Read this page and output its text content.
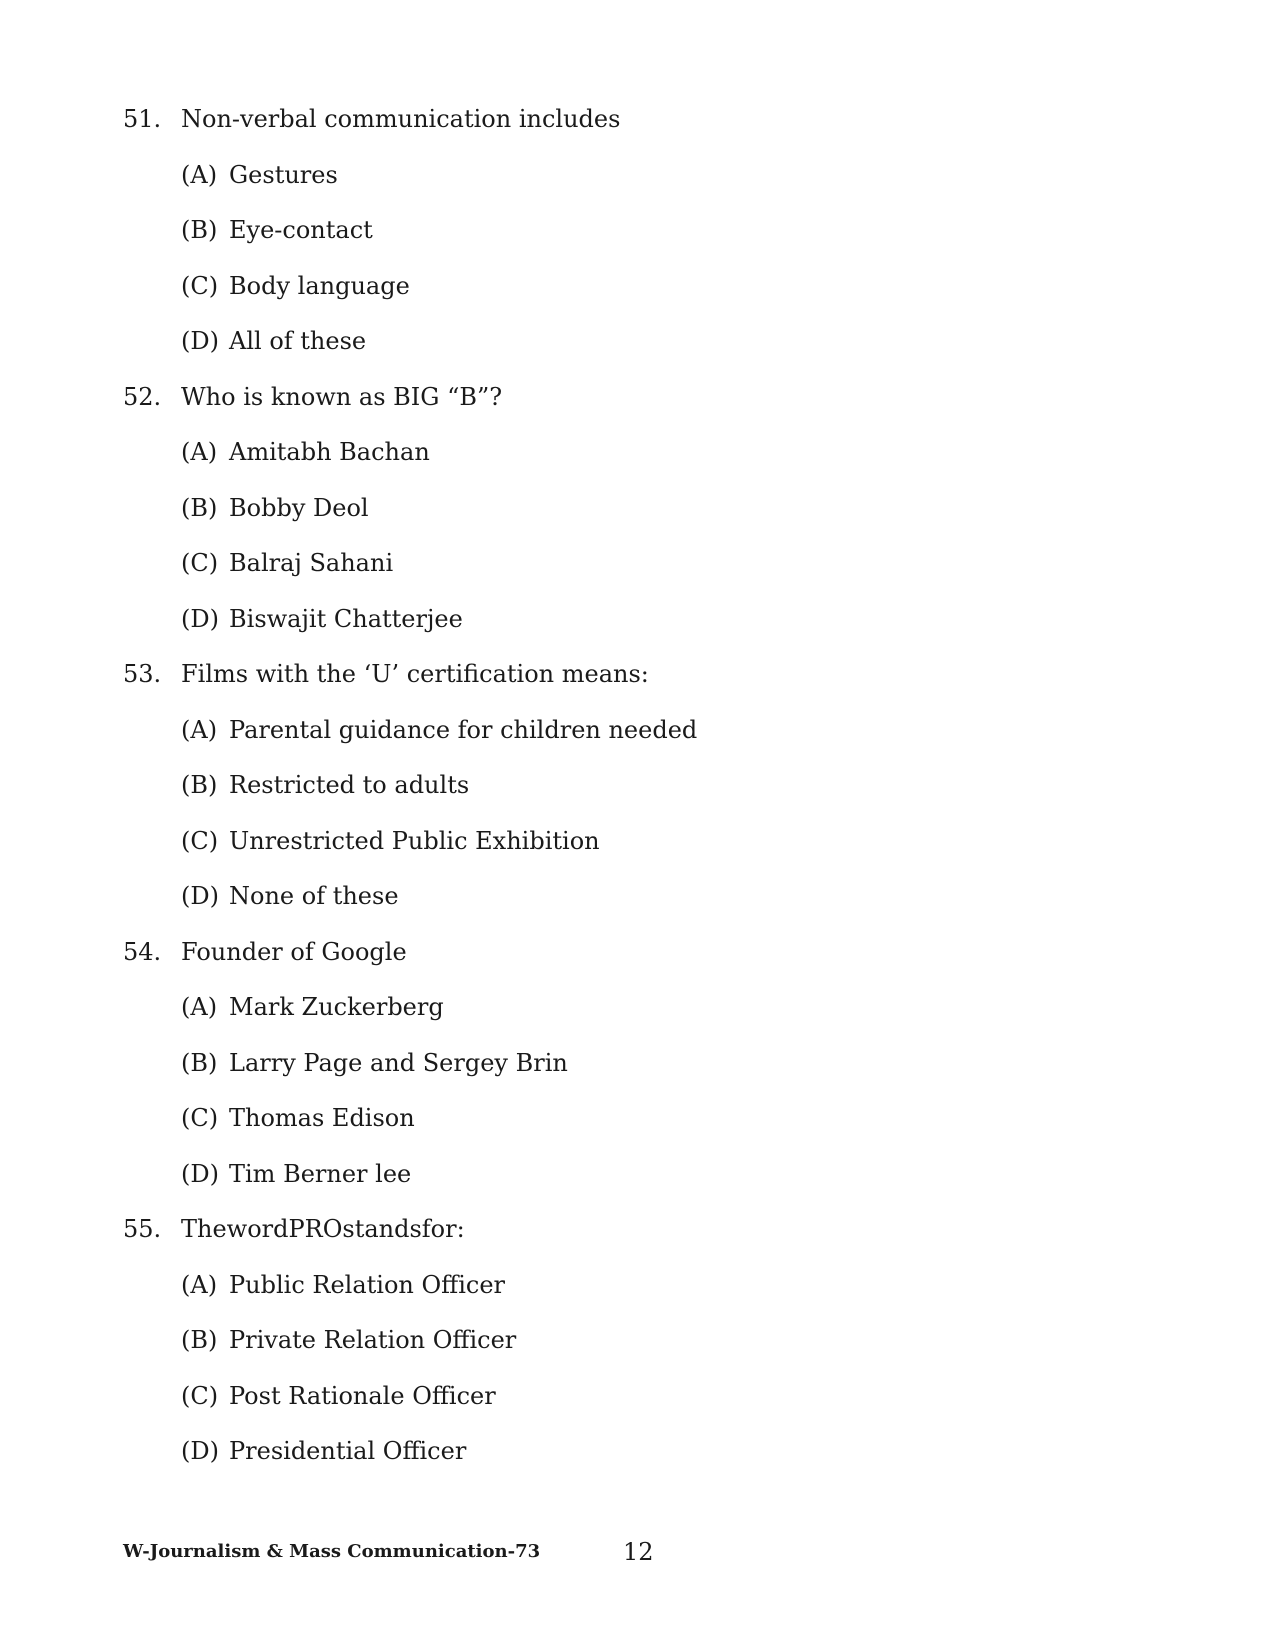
51. Non-verbal communication includes
(A) Gestures
(B) Eye-contact
(C) Body language
(D) All of these
52. Who is known as BIG “B”?
(A) Amitabh Bachan
(B) Bobby Deol
(C) Balraj Sahani
(D) Biswajit Chatterjee
53. Films with the ‘U’ certification means:
(A) Parental guidance for children needed
(B) Restricted to adults
(C) Unrestricted Public Exhibition
(D) None of these
54. Founder of Google
(A) Mark Zuckerberg
(B) Larry Page and Sergey Brin
(C) Thomas Edison
(D) Tim Berner lee
55. ThewordPROstandsfor:
(A) Public Relation Officer
(B) Private Relation Officer
(C) Post Rationale Officer
(D) Presidential Officer
W-Journalism & Mass Communication-73	12
